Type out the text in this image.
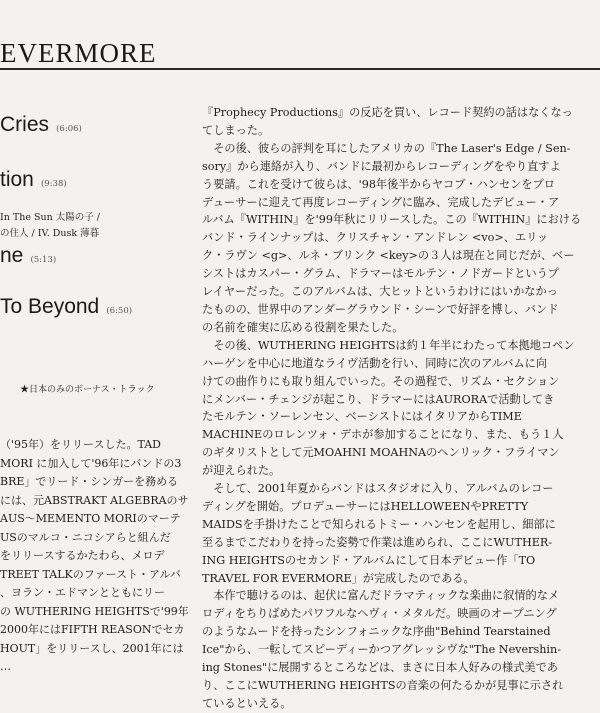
EVERMORE
Cries (6:06)
tion (9:38)
In The Sun 太陽の子 /
の住人 / IV. Dusk 薄暮
ne (5:13)
To Beyond (6:50)
★日本のみのボーナス・トラック
（'95年）をリリースした。TAD
MORI に加入して'96年にバンドの3
BRE」でリード・シンガーを務める
には、元ABSTRAKT ALGEBRAのサ
AUS～MEMENTO MORIのマーテ
USのマルコ・ニコシアらと組んだ
をリリースするかたわら、メロデ
TREET TALKのファースト・アルバ
、ヨラン・エドマンとともにリー
の WUTHERING HEIGHTSで'99年
2000年にはFIFTH REASONでセカ
HOUT」をリリースし、2001年には
…
『Prophecy Productions』の反応を買い、レコード契約の話はなくなっ
てしまった。
　その後、彼らの評判を耳にしたアメリカの『The Laser's Edge / Sen-
sory』から連絡が入り、バンドに最初からレコーディングをやり直すよ
う要請。これを受けて彼らは、'98年後半からヤコブ・ハンセンをプロ
デューサーに迎えて再度レコーディングに臨み、完成したデビュー・ア
ルバム『WITHIN』を'99年秋にリリースした。この『WITHIN』における
バンド・ラインナップは、クリスチャン・アンドレン <vo>、エリッ
ク・ラヴン <g>、ルネ・ブリンク <key>の３人は現在と同じだが、ベー
シストはカスパー・グラム、ドラマーはモルテン・ノドガードというプ
レイヤーだった。このアルバムは、大ヒットというわけにはいかなかっ
たものの、世界中のアンダーグラウンド・シーンで好評を博し、バンド
の名前を確実に広める役割を果たした。
　その後、WUTHERING HEIGHTSは約１年半にわたって本拠地コペン
ハーゲンを中心に地道なライヴ活動を行い、同時に次のアルバムに向
けての曲作りにも取り組んでいった。その過程で、リズム・セクション
にメンバー・チェンジが起こり、ドラマーにはAURORAで活動してき
たモルテン・ソーレンセン、ベーシストにはイタリアからTIME
MACHINEのロレンツォ・デホが参加することになり、また、もう１人
のギタリストとして元MOAHNI MOAHNAのヘンリック・フライマン
が迎えられた。
　そして、2001年夏からバンドはスタジオに入り、アルバムのレコー
ディングを開始。プロデューサーにはHELLOWEENやPRETTY
MAIDSを手掛けたことで知られるトミー・ハンセンを起用し、細部に
至るまでこだわりを持った姿勢で作業は進められ、ここにWUTHER-
ING HEIGHTSのセカンド・アルバムにして日本デビュー作「TO
TRAVEL FOR EVERMORE」が完成したのである。
　本作で聴けるのは、起伏に富んだドラマティックな楽曲に叙情的なメ
ロディをちりばめたパワフルなヘヴィ・メタルだ。映画のオープニング
のようなムードを持ったシンフォニックな序曲"Behind Tearstained
Ice"から、一転してスピーディーかつアグレッシヴな"The Nevershin-
ing Stones"に展開するところなどは、まさに日本人好みの様式美であ
り、ここにWUTHERING HEIGHTSの音楽の何たるかが見事に示され
ているといえる。
